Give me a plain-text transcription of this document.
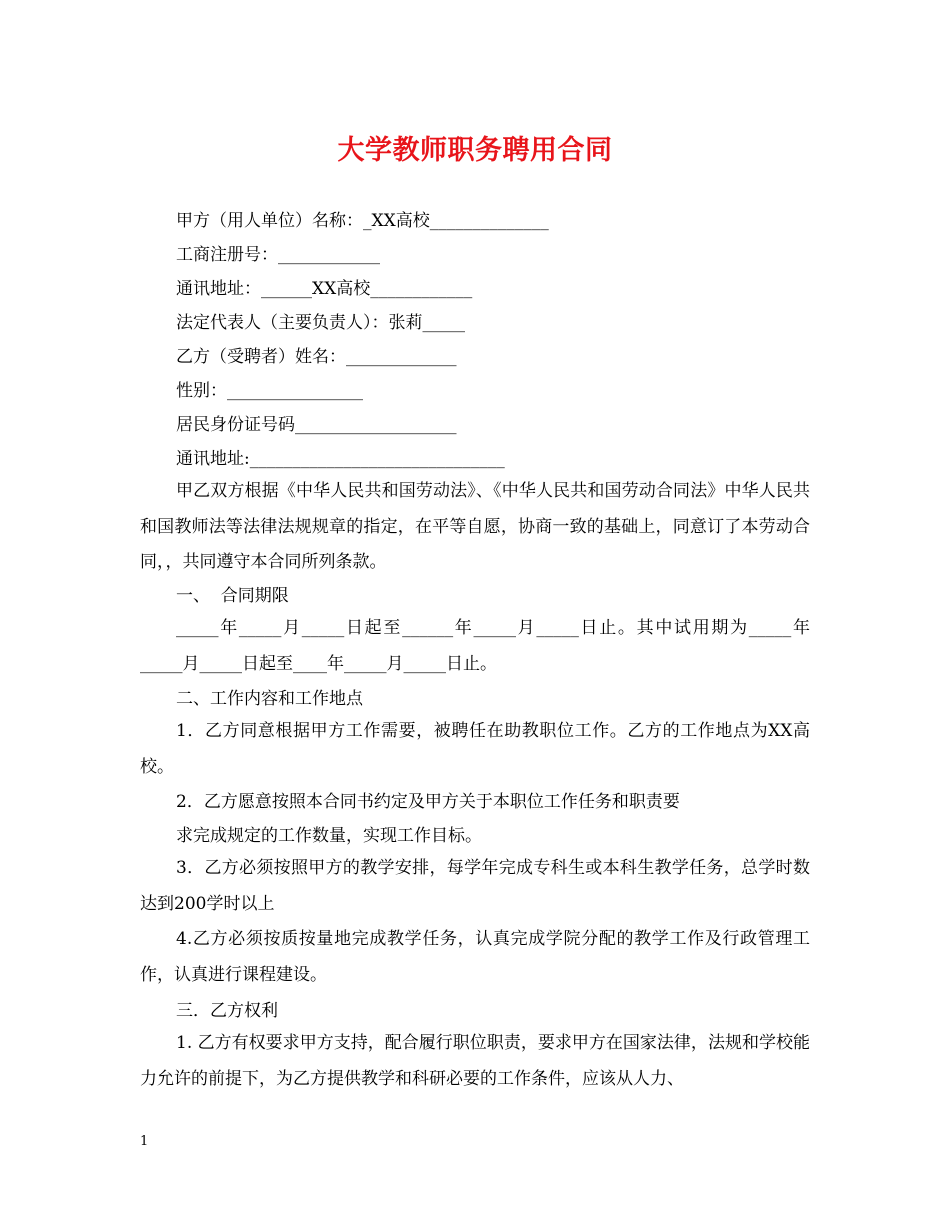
大学教师职务聘用合同
甲方（用人单位）名称：_XX高校______________
工商注册号：____________
通讯地址：______XX高校____________
法定代表人（主要负责人）：张莉_____
乙方（受聘者）姓名：_____________
性别：________________
居民身份证号码___________________
通讯地址:______________________________
甲乙双方根据《中华人民共和国劳动法》、《中华人民共和国劳动合同法》中华人民共和国教师法等法律法规规章的指定，在平等自愿，协商一致的基础上，同意订了本劳动合同，，共同遵守本合同所列条款。
一、  合同期限
_____年_____月_____日起至______年_____月_____日止。其中试用期为_____年_____月_____日起至____年_____月_____日止。
二、工作内容和工作地点
1．乙方同意根据甲方工作需要，被聘任在助教职位工作。乙方的工作地点为XX高校。
2．乙方愿意按照本合同书约定及甲方关于本职位工作任务和职责要
求完成规定的工作数量，实现工作目标。
3．乙方必须按照甲方的教学安排，每学年完成专科生或本科生教学任务，总学时数达到200学时以上
4.乙方必须按质按量地完成教学任务，认真完成学院分配的教学工作及行政管理工作，认真进行课程建设。
三．乙方权利
1. 乙方有权要求甲方支持，配合履行职位职责，要求甲方在国家法律，法规和学校能力允许的前提下，为乙方提供教学和科研必要的工作条件，应该从人力、
1
